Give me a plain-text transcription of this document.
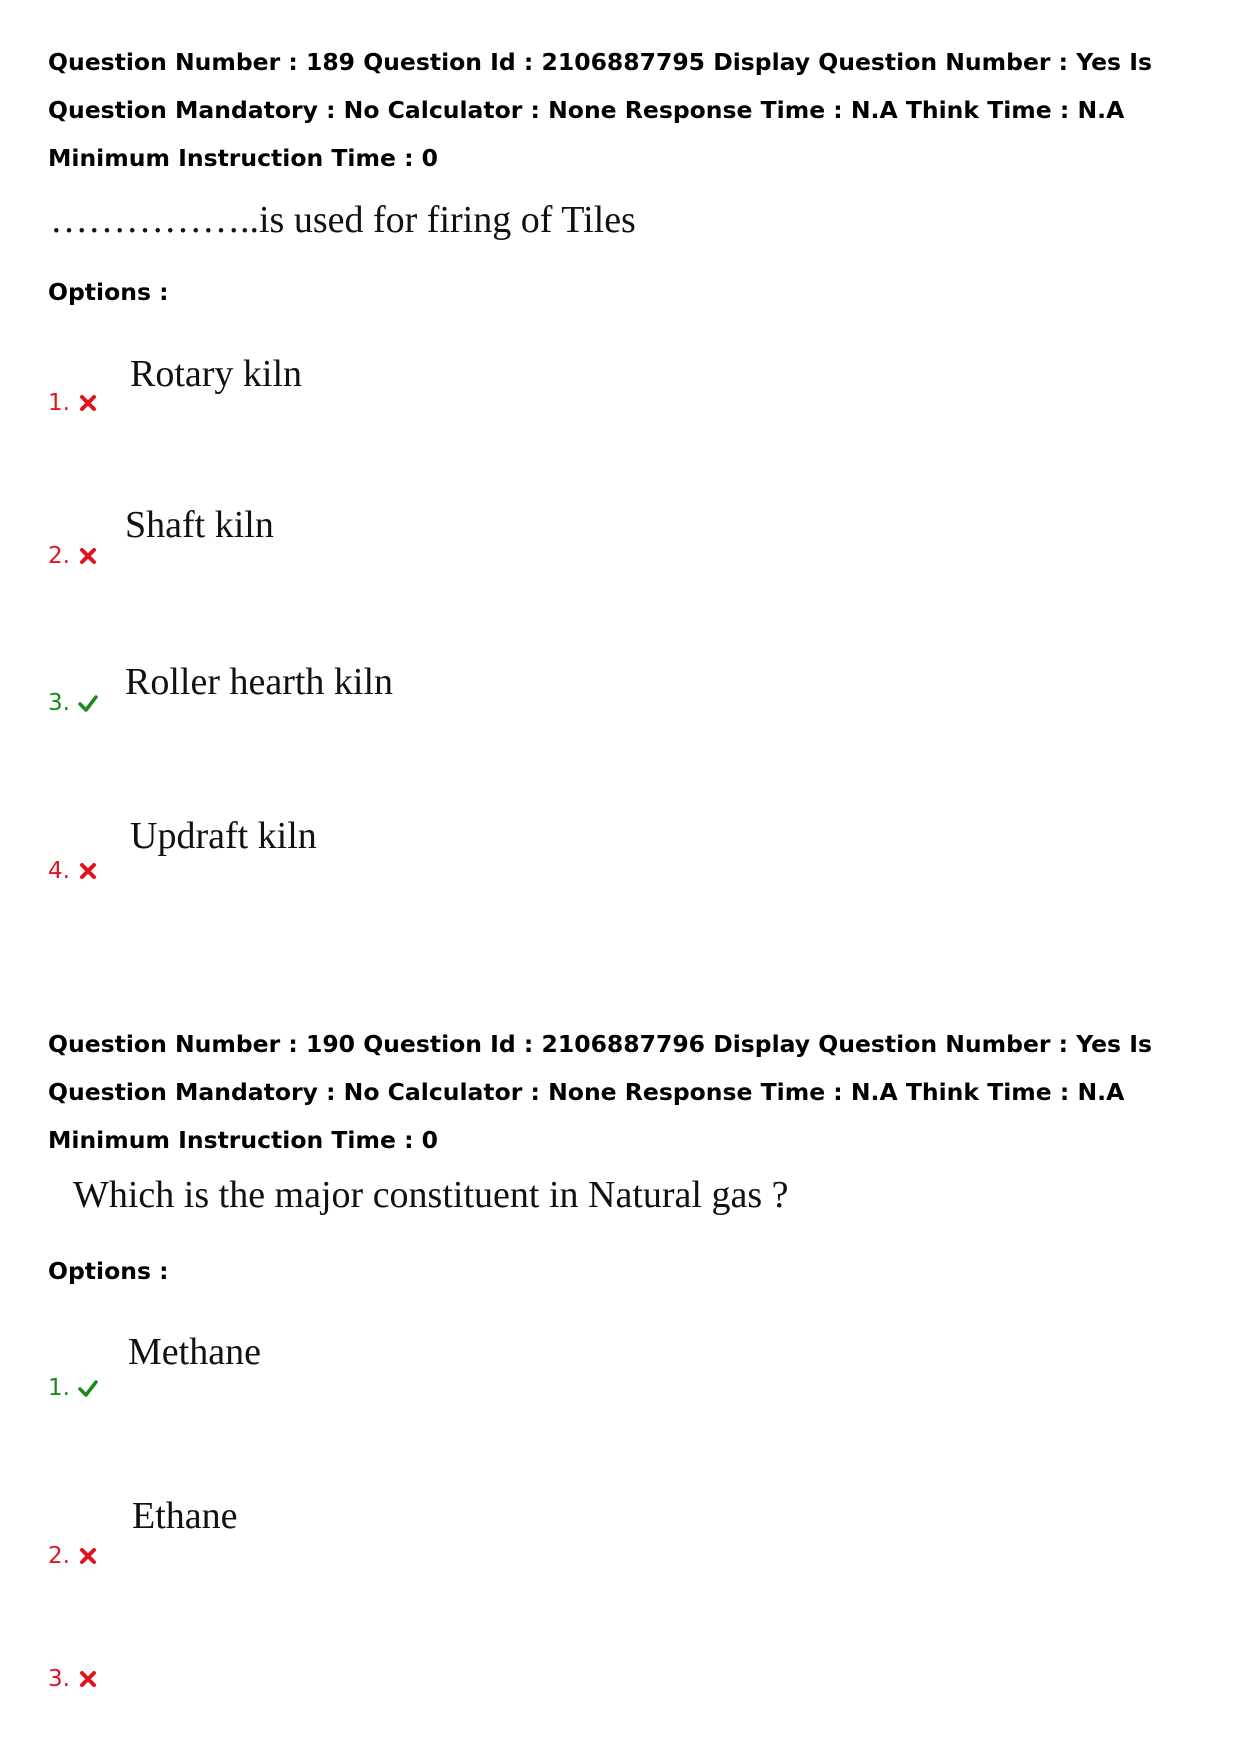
Question Number : 189 Question Id : 2106887795 Display Question Number : Yes Is Question Mandatory : No Calculator : None Response Time : N.A Think Time : N.A Minimum Instruction Time : 0
……………..is used for firing of Tiles
Options :
Rotary kiln
1.
Shaft kiln
2.
Roller hearth kiln
3.
Updraft kiln
4.
Question Number : 190 Question Id : 2106887796 Display Question Number : Yes Is Question Mandatory : No Calculator : None Response Time : N.A Think Time : N.A Minimum Instruction Time : 0
Which is the major constituent in Natural gas ?
Options :
Methane
1.
Ethane
2.
3.
